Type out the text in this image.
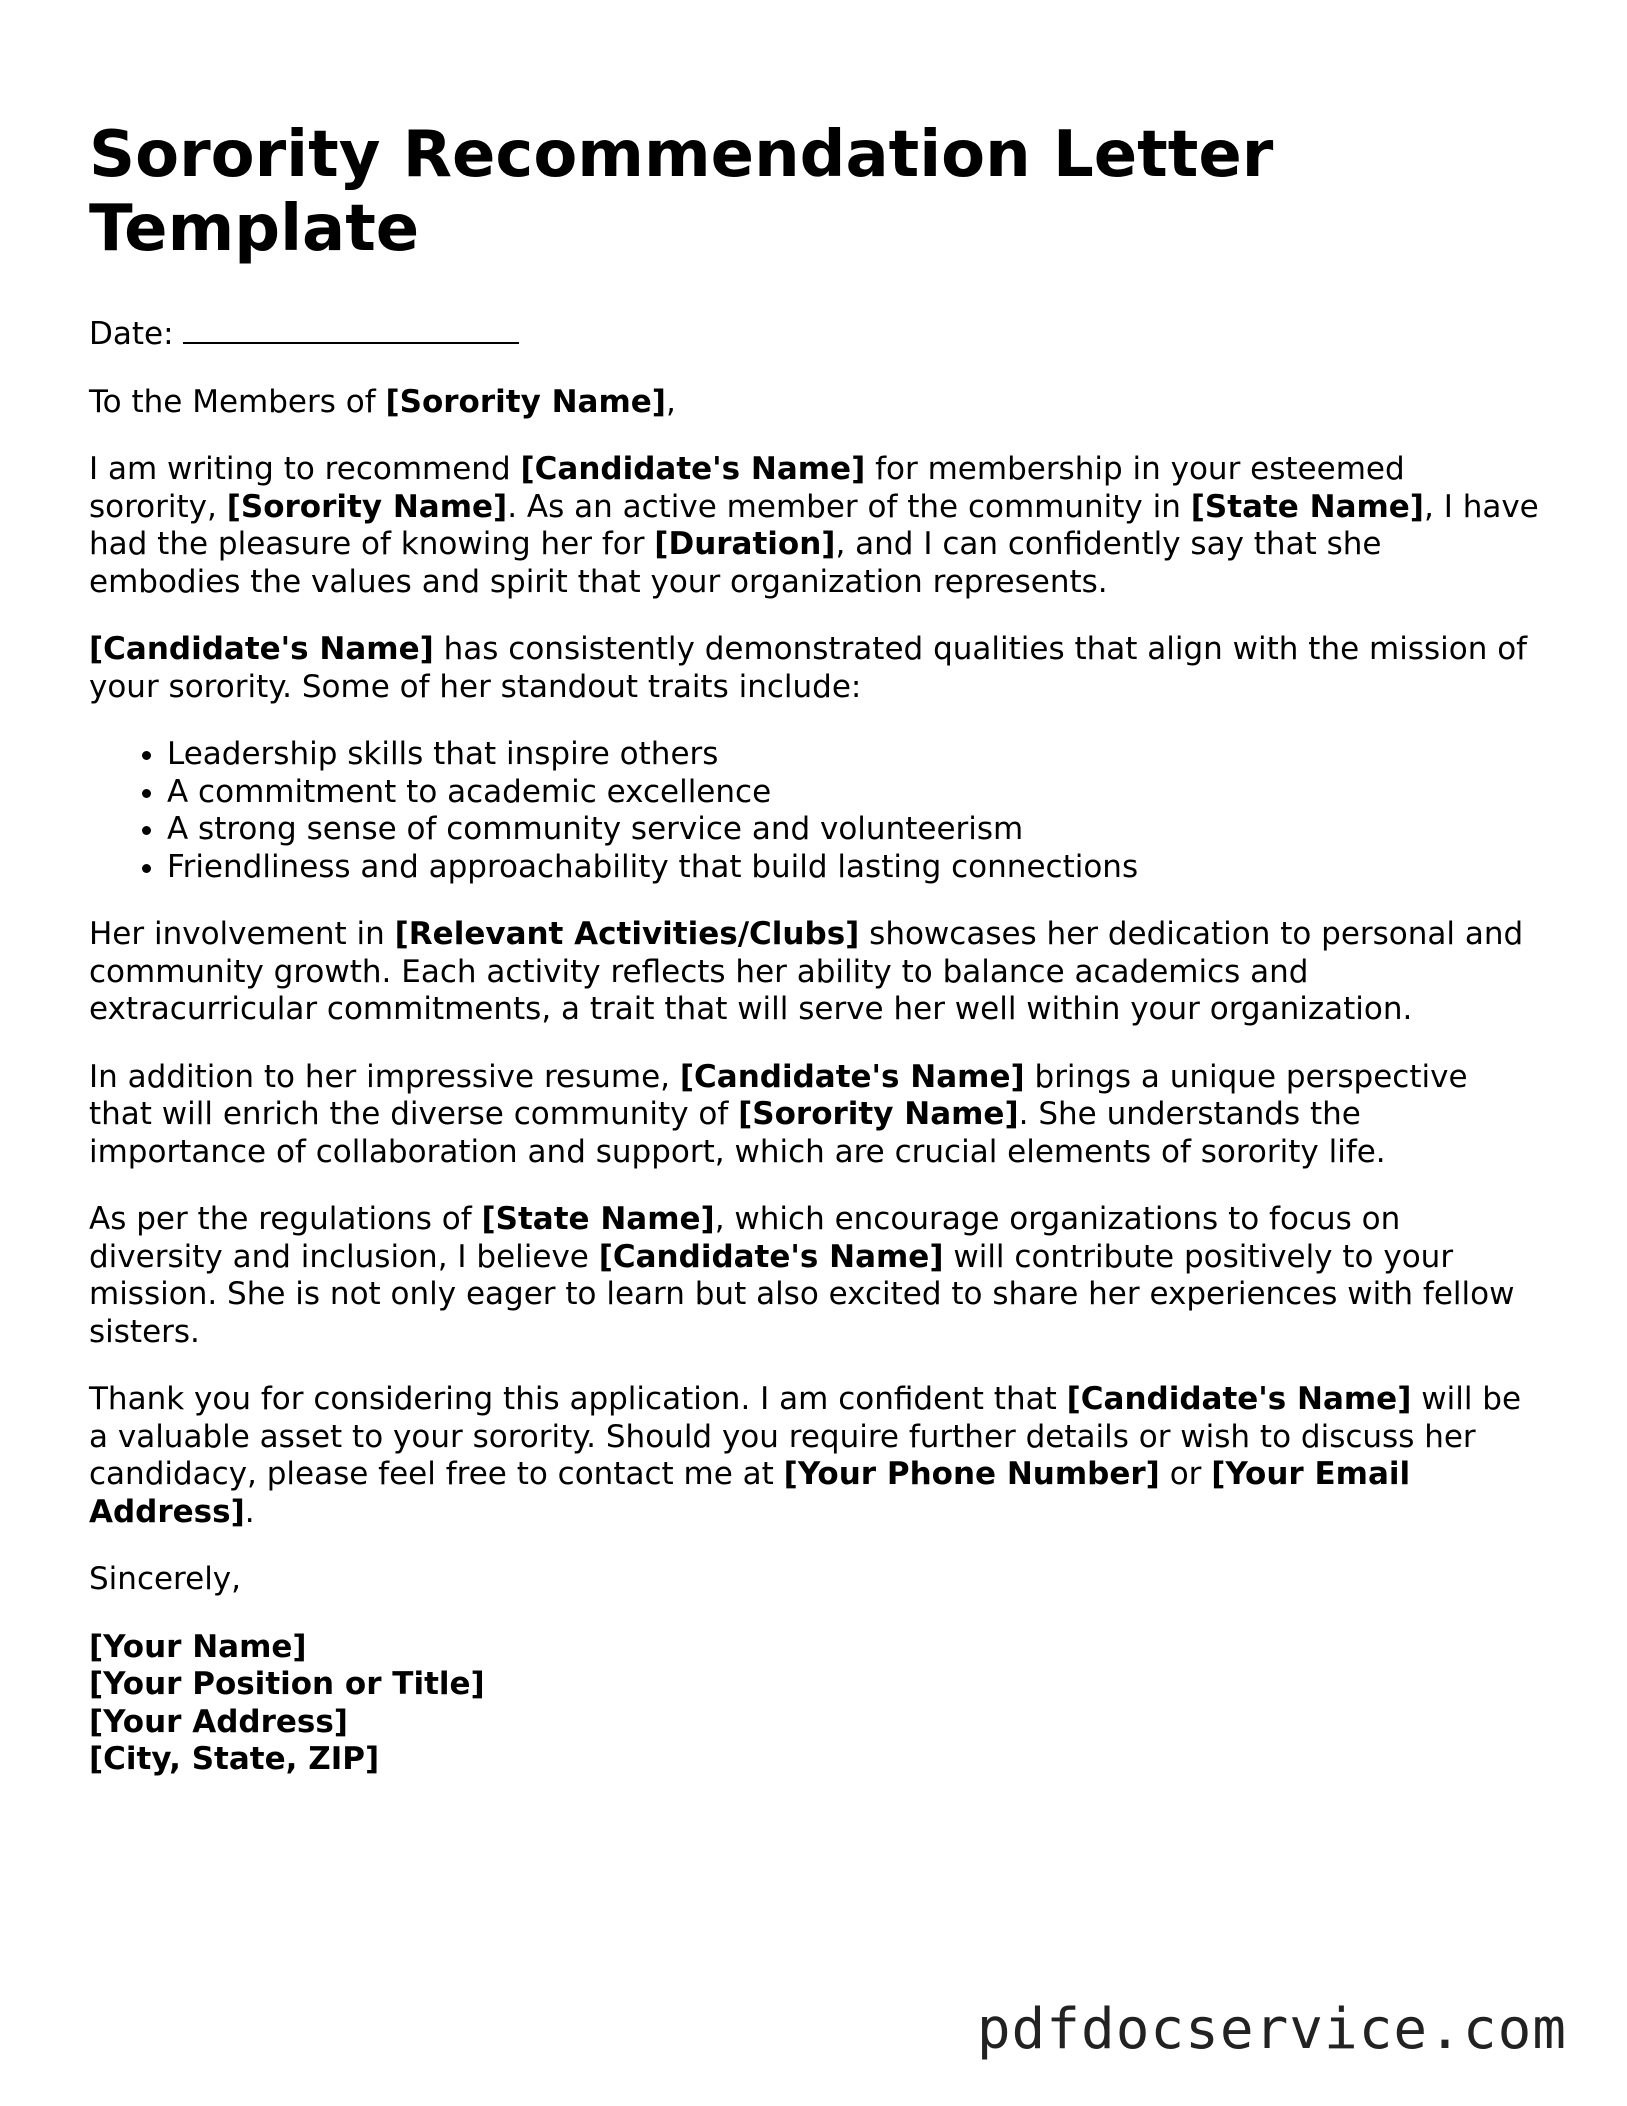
Sorority Recommendation Letter Template

Date:

To the Members of [Sorority Name],

I am writing to recommend [Candidate's Name] for membership in your esteemed sorority, [Sorority Name]. As an active member of the community in [State Name], I have had the pleasure of knowing her for [Duration], and I can confidently say that she embodies the values and spirit that your organization represents.

[Candidate's Name] has consistently demonstrated qualities that align with the mission of your sorority. Some of her standout traits include:

• Leadership skills that inspire others
• A commitment to academic excellence
• A strong sense of community service and volunteerism
• Friendliness and approachability that build lasting connections

Her involvement in [Relevant Activities/Clubs] showcases her dedication to personal and community growth. Each activity reflects her ability to balance academics and extracurricular commitments, a trait that will serve her well within your organization.

In addition to her impressive resume, [Candidate's Name] brings a unique perspective that will enrich the diverse community of [Sorority Name]. She understands the importance of collaboration and support, which are crucial elements of sorority life.

As per the regulations of [State Name], which encourage organizations to focus on diversity and inclusion, I believe [Candidate's Name] will contribute positively to your mission. She is not only eager to learn but also excited to share her experiences with fellow sisters.

Thank you for considering this application. I am confident that [Candidate's Name] will be a valuable asset to your sorority. Should you require further details or wish to discuss her candidacy, please feel free to contact me at [Your Phone Number] or [Your Email Address].

Sincerely,

[Your Name]

[Your Position or Title]

[Your Address]

[City, State, ZIP]

pdfdocservice.com
